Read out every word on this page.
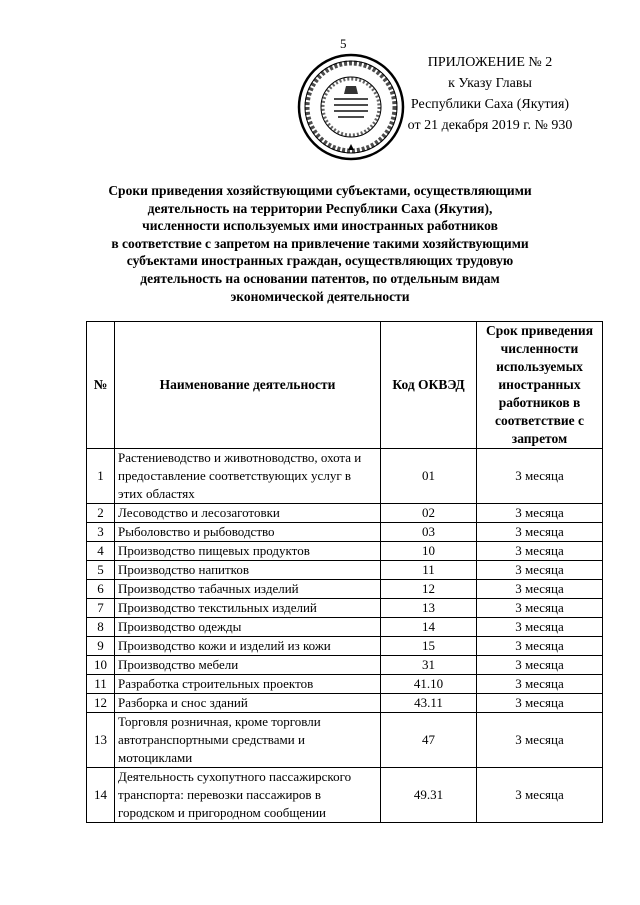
5
ПРИЛОЖЕНИЕ № 2
к Указу Главы
Республики Саха (Якутия)
от 21 декабря 2019 г. № 930
Сроки приведения хозяйствующими субъектами, осуществляющими
деятельность на территории Республики Саха (Якутия),
численности используемых ими иностранных работников
в соответствие с запретом на привлечение такими хозяйствующими
субъектами иностранных граждан, осуществляющих трудовую
деятельность на основании патентов, по отдельным видам
экономической деятельности
№	Наименование деятельности	Код ОКВЭД	Срок приведения численности используемых иностранных работников в соответствие с запретом
1	Растениеводство и животноводство, охота и предоставление соответствующих услуг в этих областях	01	3 месяца
2	Лесоводство и лесозаготовки	02	3 месяца
3	Рыболовство и рыбоводство	03	3 месяца
4	Производство пищевых продуктов	10	3 месяца
5	Производство напитков	11	3 месяца
6	Производство табачных изделий	12	3 месяца
7	Производство текстильных изделий	13	3 месяца
8	Производство одежды	14	3 месяца
9	Производство кожи и изделий из кожи	15	3 месяца
10	Производство мебели	31	3 месяца
11	Разработка строительных проектов	41.10	3 месяца
12	Разборка и снос зданий	43.11	3 месяца
13	Торговля розничная, кроме торговли автотранспортными средствами и мотоциклами	47	3 месяца
14	Деятельность сухопутного пассажирского транспорта: перевозки пассажиров в городском и пригородном сообщении	49.31	3 месяца
